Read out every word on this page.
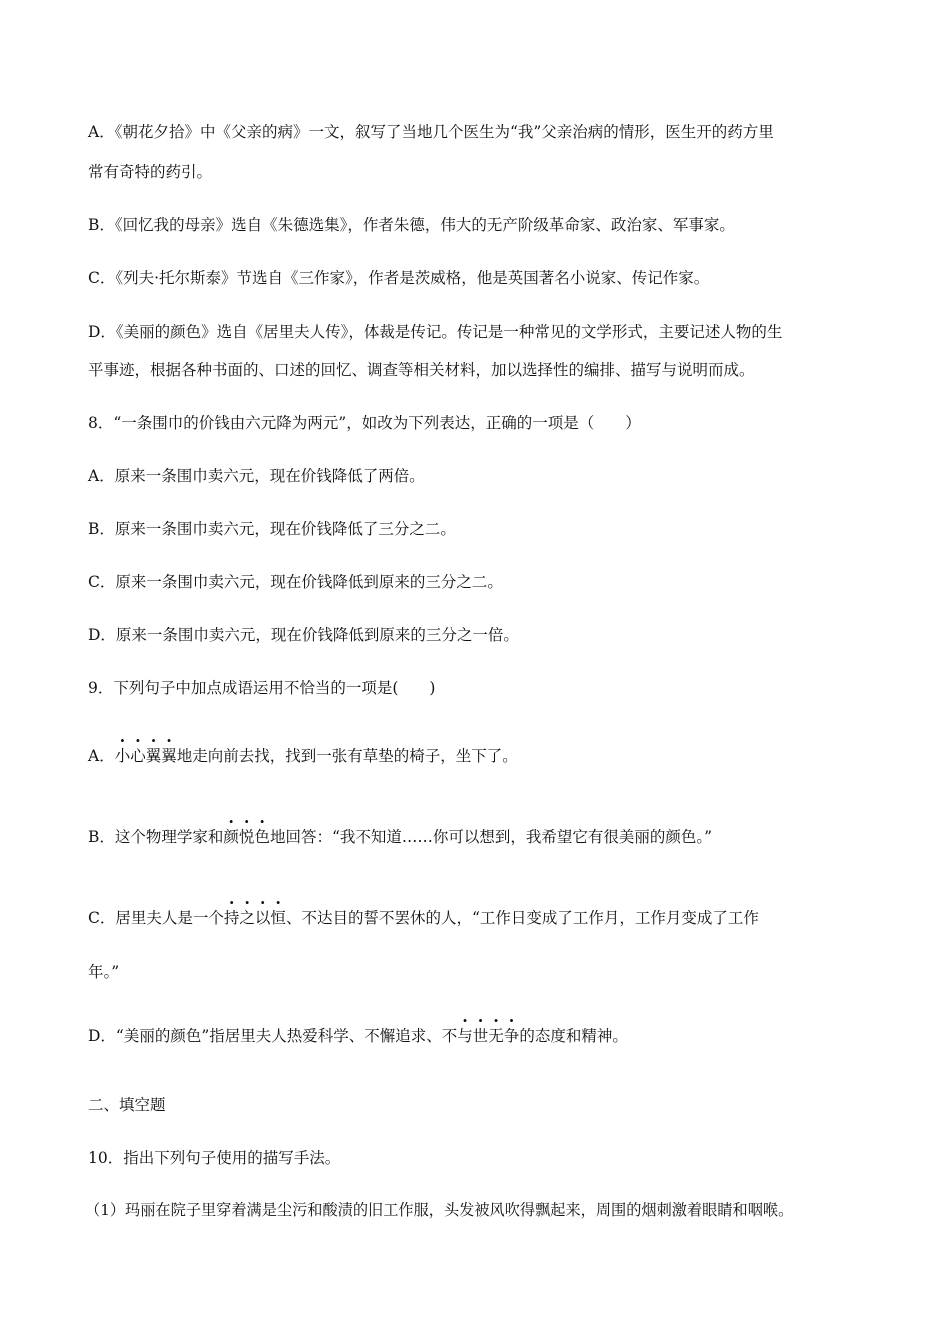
A．《朝花夕拾》中《父亲的病》一文，叙写了当地几个医生为“我”父亲治病的情形，医生开的药方里
常有奇特的药引。
B．《回忆我的母亲》选自《朱德选集》，作者朱德，伟大的无产阶级革命家、政治家、军事家。
C．《列夫·托尔斯泰》节选自《三作家》，作者是茨威格，他是英国著名小说家、传记作家。
D．《美丽的颜色》选自《居里夫人传》，体裁是传记。传记是一种常见的文学形式，主要记述人物的生
平事迹，根据各种书面的、口述的回忆、调查等相关材料，加以选择性的编排、描写与说明而成。
8．“一条围巾的价钱由六元降为两元”，如改为下列表达，正确的一项是（　　）
A．原来一条围巾卖六元，现在价钱降低了两倍。
B．原来一条围巾卖六元，现在价钱降低了三分之二。
C．原来一条围巾卖六元，现在价钱降低到原来的三分之二。
D．原来一条围巾卖六元，现在价钱降低到原来的三分之一倍。
9．下列句子中加点成语运用不恰当的一项是(　　)
A．小心翼翼地走向前去找，找到一张有草垫的椅子，坐下了。
B．这个物理学家和颜悦色地回答：“我不知道……你可以想到，我希望它有很美丽的颜色。”
C．居里夫人是一个持之以恒、不达目的誓不罢休的人，“工作日变成了工作月，工作月变成了工作
年。”
D．“美丽的颜色”指居里夫人热爱科学、不懈追求、不与世无争的态度和精神。
二、填空题
10．指出下列句子使用的描写手法。
（1）玛丽在院子里穿着满是尘污和酸渍的旧工作服，头发被风吹得飘起来，周围的烟刺激着眼睛和咽喉。
